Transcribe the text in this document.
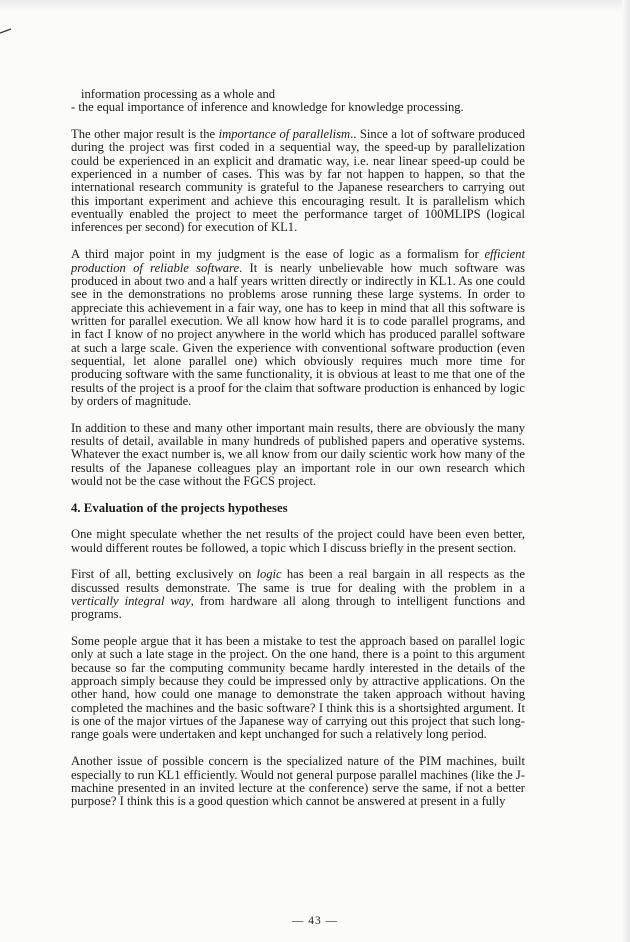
information processing as a whole and

- the equal importance of inference and knowledge for knowledge processing.

The other major result is the importance of parallelism.. Since a lot of software produced during the project was first coded in a sequential way, the speed-up by parallelization could be experienced in an explicit and dramatic way, i.e. near linear speed-up could be experienced in a number of cases. This was by far not happen to happen, so that the international research community is grateful to the Japanese researchers to carrying out this important experiment and achieve this encouraging result. It is parallelism which eventually enabled the project to meet the performance target of 100MLIPS (logical inferences per second) for execution of KL1.

A third major point in my judgment is the ease of logic as a formalism for efficient production of reliable software. It is nearly unbelievable how much software was produced in about two and a half years written directly or indirectly in KL1. As one could see in the demonstrations no problems arose running these large systems. In order to appreciate this achievement in a fair way, one has to keep in mind that all this software is written for parallel execution. We all know how hard it is to code parallel programs, and in fact I know of no project anywhere in the world which has produced parallel software at such a large scale. Given the experience with conventional software production (even sequential, let alone parallel one) which obviously requires much more time for producing software with the same functionality, it is obvious at least to me that one of the results of the project is a proof for the claim that software production is enhanced by logic by orders of magnitude.

In addition to these and many other important main results, there are obviously the many results of detail, available in many hundreds of published papers and operative systems. Whatever the exact number is, we all know from our daily scientic work how many of the results of the Japanese colleagues play an important role in our own research which would not be the case without the FGCS project.

4. Evaluation of the projects hypotheses

One might speculate whether the net results of the project could have been even better, would different routes be followed, a topic which I discuss briefly in the present section.

First of all, betting exclusively on logic has been a real bargain in all respects as the discussed results demonstrate. The same is true for dealing with the problem in a vertically integral way, from hardware all along through to intelligent functions and programs.

Some people argue that it has been a mistake to test the approach based on parallel logic only at such a late stage in the project. On the one hand, there is a point to this argument because so far the computing community became hardly interested in the details of the approach simply because they could be impressed only by attractive applications. On the other hand, how could one manage to demonstrate the taken approach without having completed the machines and the basic software? I think this is a shortsighted argument. It is one of the major virtues of the Japanese way of carrying out this project that such long-range goals were undertaken and kept unchanged for such a relatively long period.

Another issue of possible concern is the specialized nature of the PIM machines, built especially to run KL1 efficiently. Would not general purpose parallel machines (like the J-machine presented in an invited lecture at the conference) serve the same, if not a better purpose? I think this is a good question which cannot be answered at present in a fully

— 43 —
